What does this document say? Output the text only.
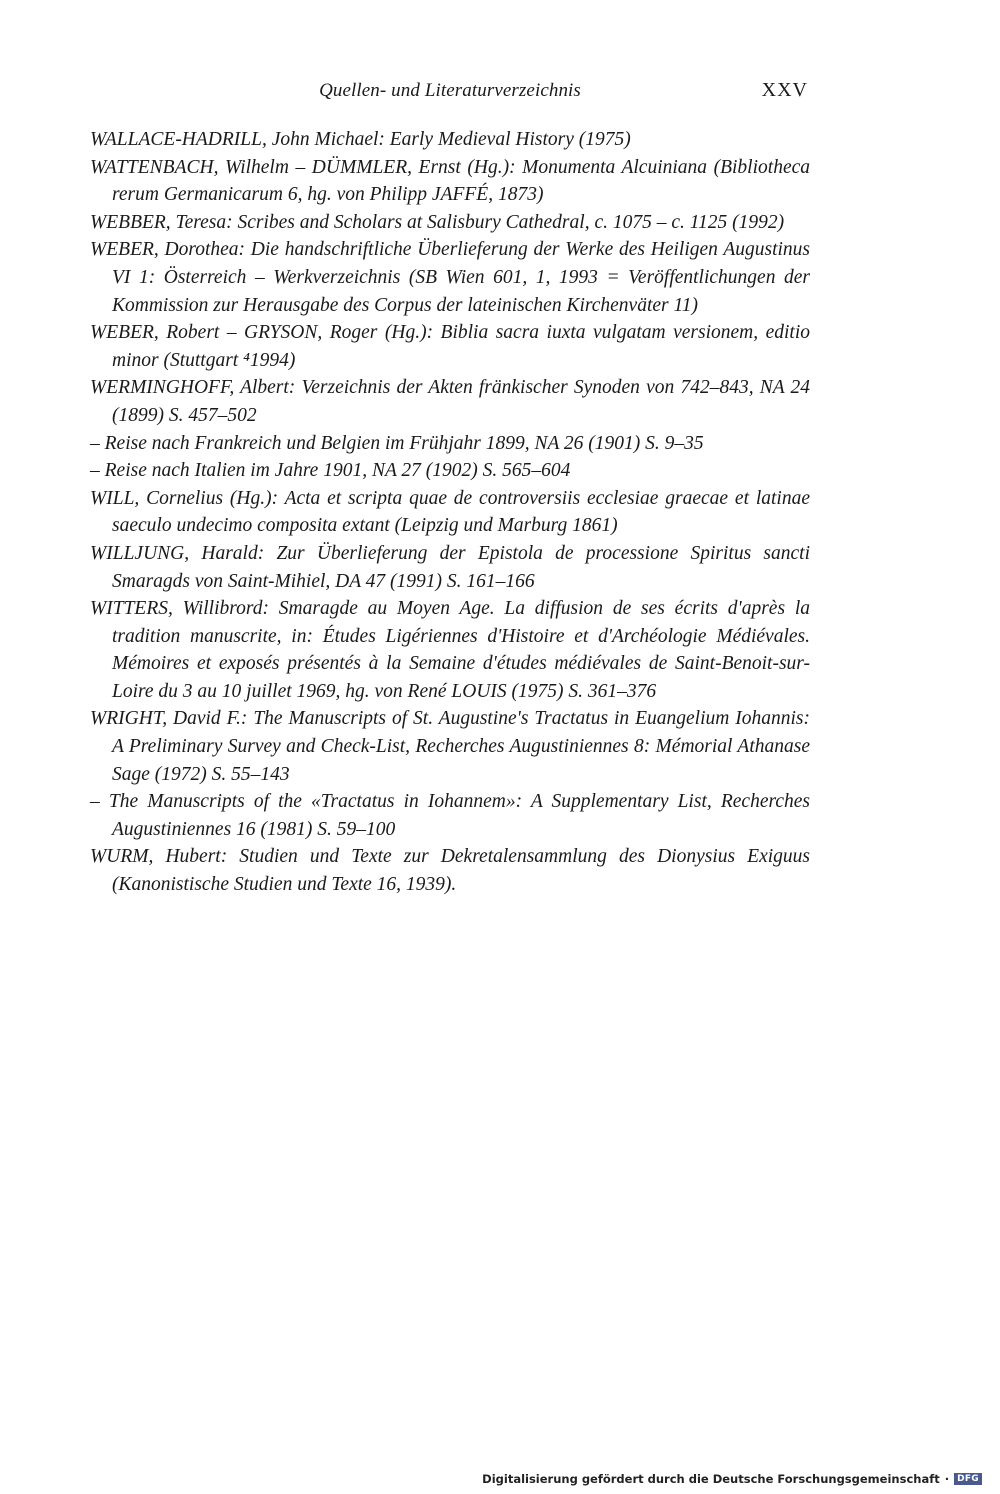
Quellen- und Literaturverzeichnis	XXV

WALLACE-HADRILL, John Michael: Early Medieval History (1975)

WATTENBACH, Wilhelm – DÜMMLER, Ernst (Hg.): Monumenta Alcuiniana (Bibliotheca rerum Germanicarum 6, hg. von Philipp JAFFÉ, 1873)

WEBBER, Teresa: Scribes and Scholars at Salisbury Cathedral, c. 1075 – c. 1125 (1992)

WEBER, Dorothea: Die handschriftliche Überlieferung der Werke des Heiligen Augustinus VI 1: Österreich – Werkverzeichnis (SB Wien 601, 1, 1993 = Veröffentlichungen der Kommission zur Herausgabe des Corpus der lateinischen Kirchenväter 11)

WEBER, Robert – GRYSON, Roger (Hg.): Biblia sacra iuxta vulgatam versionem, editio minor (Stuttgart ⁴1994)

WERMINGHOFF, Albert: Verzeichnis der Akten fränkischer Synoden von 742–843, NA 24 (1899) S. 457–502

– Reise nach Frankreich und Belgien im Frühjahr 1899, NA 26 (1901) S. 9–35

– Reise nach Italien im Jahre 1901, NA 27 (1902) S. 565–604

WILL, Cornelius (Hg.): Acta et scripta quae de controversiis ecclesiae graecae et latinae saeculo undecimo composita extant (Leipzig und Marburg 1861)

WILLJUNG, Harald: Zur Überlieferung der Epistola de processione Spiritus sancti Smaragds von Saint-Mihiel, DA 47 (1991) S. 161–166

WITTERS, Willibrord: Smaragde au Moyen Age. La diffusion de ses écrits d'après la tradition manuscrite, in: Études Ligériennes d'Histoire et d'Archéologie Médiévales. Mémoires et exposés présentés à la Semaine d'études médiévales de Saint-Benoit-sur-Loire du 3 au 10 juillet 1969, hg. von René LOUIS (1975) S. 361–376

WRIGHT, David F.: The Manuscripts of St. Augustine's Tractatus in Euangelium Iohannis: A Preliminary Survey and Check-List, Recherches Augustiniennes 8: Mémorial Athanase Sage (1972) S. 55–143

– The Manuscripts of the «Tractatus in Iohannem»: A Supplementary List, Recherches Augustiniennes 16 (1981) S. 59–100

WURM, Hubert: Studien und Texte zur Dekretalensammlung des Dionysius Exiguus (Kanonistische Studien und Texte 16, 1939).

Digitalisierung gefördert durch die Deutsche Forschungsgemeinschaft · DFG
